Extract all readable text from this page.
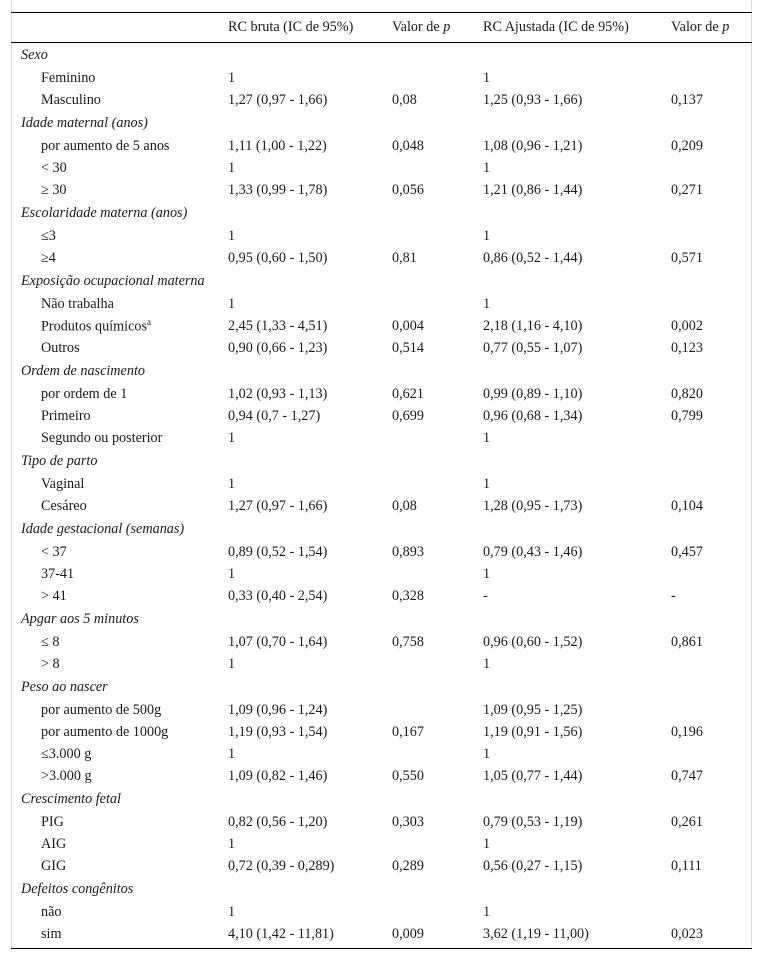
	RC bruta (IC de 95%)	Valor de p	RC Ajustada (IC de 95%)	Valor de p
Sexo				
Feminino	1		1	
Masculino	1,27 (0,97 - 1,66)	0,08	1,25 (0,93 - 1,66)	0,137
Idade maternal (anos)				
por aumento de 5 anos	1,11 (1,00 - 1,22)	0,048	1,08 (0,96 - 1,21)	0,209
< 30	1		1	
≥ 30	1,33 (0,99 - 1,78)	0,056	1,21 (0,86 - 1,44)	0,271
Escolaridade materna (anos)				
≤3	1		1	
≥4	0,95 (0,60 - 1,50)	0,81	0,86 (0,52 - 1,44)	0,571
Exposição ocupacional materna				
Não trabalha	1		1	
Produtos químicos$^a$	2,45 (1,33 - 4,51)	0,004	2,18 (1,16 - 4,10)	0,002
Outros	0,90 (0,66 - 1,23)	0,514	0,77 (0,55 - 1,07)	0,123
Ordem de nascimento				
por ordem de 1	1,02 (0,93 - 1,13)	0,621	0,99 (0,89 - 1,10)	0,820
Primeiro	0,94 (0,7 - 1,27)	0,699	0,96 (0,68 - 1,34)	0,799
Segundo ou posterior	1		1	
Tipo de parto				
Vaginal	1		1	
Cesáreo	1,27 (0,97 - 1,66)	0,08	1,28 (0,95 - 1,73)	0,104
Idade gestacional (semanas)				
< 37	0,89 (0,52 - 1,54)	0,893	0,79 (0,43 - 1,46)	0,457
37-41	1		1	
> 41	0,33 (0,40 - 2,54)	0,328	-	-
Apgar aos 5 minutos				
≤ 8	1,07 (0,70 - 1,64)	0,758	0,96 (0,60 - 1,52)	0,861
> 8	1		1	
Peso ao nascer				
por aumento de 500g	1,09 (0,96 - 1,24)		1,09 (0,95 - 1,25)	
por aumento de 1000g	1,19 (0,93 - 1,54)	0,167	1,19 (0,91 - 1,56)	0,196
≤3.000 g	1		1	
>3.000 g	1,09 (0,82 - 1,46)	0,550	1,05 (0,77 - 1,44)	0,747
Crescimento fetal				
PIG	0,82 (0,56 - 1,20)	0,303	0,79 (0,53 - 1,19)	0,261
AIG	1		1	
GIG	0,72 (0,39 - 0,289)	0,289	0,56 (0,27 - 1,15)	0,111
Defeitos congênitos				
não	1		1	
sim	4,10 (1,42 - 11,81)	0,009	3,62 (1,19 - 11,00)	0,023
